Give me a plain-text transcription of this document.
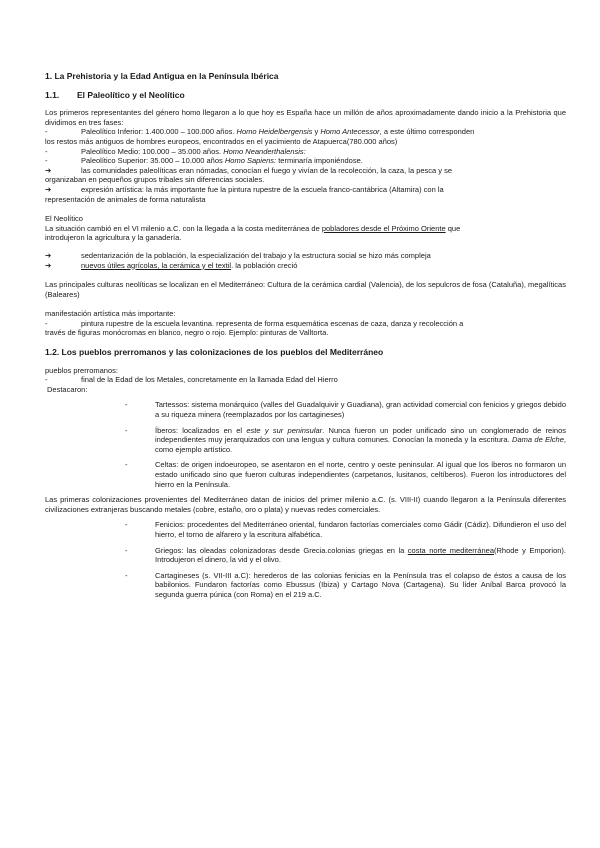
1. La Prehistoria y la Edad Antigua en la Península Ibérica

1.1. El Paleolítico y el Neolítico

Los primeros representantes del género homo llegaron a lo que hoy es España hace un millón de años aproximadamente dando inicio a la Prehistoria que dividimos en tres fases:

-	Paleolítico Inferior: 1.400.000 – 100.000 años. Homo Heidelbergensis y Homo Antecessor, a este último corresponden

los restos más antiguos de hombres europeos, encontrados en el yacimiento de Atapuerca(780.000 años)

-	Paleolítico Medio: 100.000 – 35.000 años. Homo Neanderthalensis:
-	Paleolítico Superior: 35.000 – 10.000 años Homo Sapiens: terminaría imponiéndose.
➔	las comunidades paleolíticas eran nómadas, conocían el fuego y vivían de la recolección, la caza, la pesca y se

organizaban en pequeños grupos tribales sin diferencias sociales.

➔	expresión artística: la más importante fue la pintura rupestre de la escuela franco-cantábrica (Altamira) con la

representación de animales de forma naturalista

El Neolítico

La situación cambió en el VI milenio a.C. con la llegada a la costa mediterránea de pobladores desde el Próximo Oriente que

introdujeron la agricultura y la ganadería.

➔	sedentarización de la población, la especialización del trabajo y la estructura social se hizo más compleja
➔	nuevos útiles agrícolas, la cerámica y el textil. la población creció

Las principales culturas neolíticas se localizan en el Mediterráneo: Cultura de la cerámica cardial (Valencia), de los sepulcros de fosa (Cataluña), megalíticas (Baleares)

manifestación artística más importante:

-	pintura rupestre de la escuela levantina. representa de forma esquemática escenas de caza, danza y recolección a

través de figuras monócromas en blanco, negro o rojo. Ejemplo: pinturas de Valltorta.

1.2. Los pueblos prerromanos y las colonizaciones de los pueblos del Mediterráneo

pueblos prerromanos:

-	final de la Edad de los Metales, concretamente en la llamada Edad del Hierro

Destacaron:

-	Tartessos: sistema monárquico (valles del Guadalquivir y Guadiana), gran actividad comercial con fenicios y griegos debido a su riqueza minera (reemplazados por los cartagineses)
-	Íberos: localizados en el este y sur peninsular. Nunca fueron un poder unificado sino un conglomerado de reinos independientes muy jerarquizados con una lengua y cultura comunes. Conocían la moneda y la escritura. Dama de Elche, como ejemplo artístico.
-	Celtas: de origen indoeuropeo, se asentaron en el norte, centro y oeste peninsular. Al igual que los íberos no formaron un estado unificado sino que fueron culturas independientes (carpetanos, lusitanos, celtíberos). Fueron los introductores del hierro en la Península.

Las primeras colonizaciones provenientes del Mediterráneo datan de inicios del primer milenio a.C. (s. VIII-II) cuando llegaron a la Península diferentes civilizaciones extranjeras buscando metales (cobre, estaño, oro o plata) y nuevas redes comerciales.

-	Fenicios: procedentes del Mediterráneo oriental, fundaron factorías comerciales como Gádir (Cádiz). Difundieron el uso del hierro, el torno de alfarero y la escritura alfabética.
-	Griegos: las oleadas colonizadoras desde Grecia.colonias griegas en la costa norte mediterránea(Rhode y Emporion). Introdujeron el dinero, la vid y el olivo.
-	Cartagineses (s. VII-III a.C): herederos de las colonias fenicias en la Península tras el colapso de éstos a causa de los babilonios. Fundaron factorías como Ebussus (Ibiza) y Cartago Nova (Cartagena). Su líder Aníbal Barca provocó la segunda guerra púnica (con Roma) en el 219 a.C.
